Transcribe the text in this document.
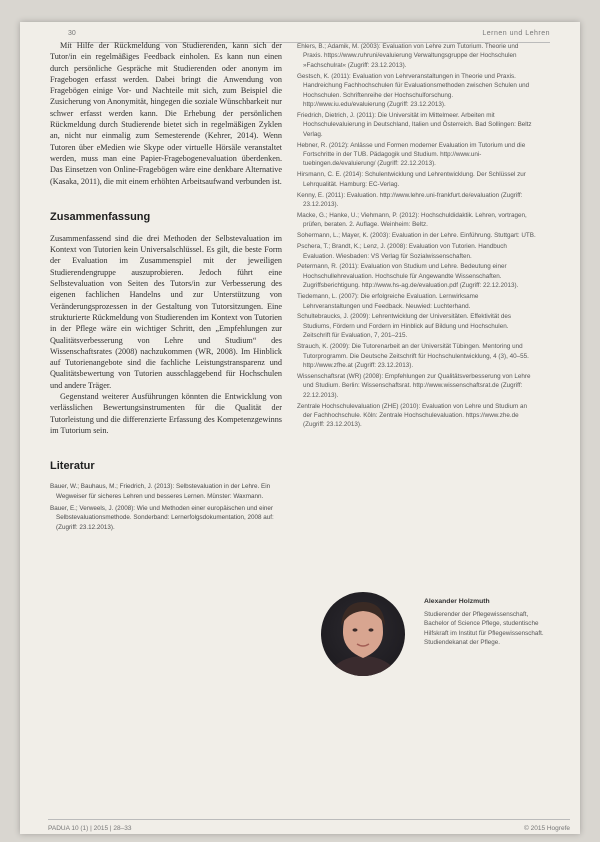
30	Lernen und Lehren

Mit Hilfe der Rückmeldung von Studierenden, kann sich der Tutor/in ein regelmäßiges Feedback einholen. Es kann nun einen durch persönliche Gespräche mit Studierenden oder anonym im Fragebogen erfasst werden. Dabei bringt die Anwendung von Fragebögen einige Vor- und Nachteile mit sich, zum Beispiel die Zusicherung von Anonymität, hingegen die soziale Wünschbarkeit nur schwer erfasst werden kann. Die Erhebung der persönlichen Rückmeldung durch Studierende bietet sich in regelmäßigen Zyklen an, nicht nur einmalig zum Semesterende (Kehrer, 2014). Wenn Tutoren über eMedien wie Skype oder virtuelle Hörsäle veranstaltet werden, muss man eine Papier-Fragebogenevaluation überdenken. Das Einsetzen von Online-Fragebögen wäre eine denkbare Alternative (Kasaka, 2011), die mit einem erhöhten Arbeitsaufwand verbunden ist.

Zusammenfassung

Zusammenfassend sind die drei Methoden der Selbstevaluation im Kontext von Tutorien kein Universalschlüssel. Es gilt, die beste Form der Evaluation im Zusammenspiel mit der jeweiligen Studierendengruppe auszuprobieren. Jedoch führt eine Selbstevaluation von Seiten des Tutors/in zur Verbesserung des eigenen fachlichen Handelns und zur Unterstützung von Veränderungsprozessen in der Gestaltung von Tutorsitzungen. Eine strukturierte Rückmeldung von Studierenden im Kontext von Tutorien in der Pflege wäre ein wichtiger Schritt, den „Empfehlungen zur Qualitätsverbesserung von Lehre und Studium“ des Wissenschaftsrates (2008) nachzukommen (WR, 2008). Im Hinblick auf Tutorienangebote sind die fachliche Leistungstransparenz und Qualitätsbewertung von Tutorien ausschlaggebend für Hochschulen und andere Träger.

Gegenstand weiterer Ausführungen könnten die Entwicklung von verlässlichen Bewertungsinstrumenten für die Qualität der Tutorleistung und die differenzierte Erfassung des Kompetenzgewinns im Tutorium sein.

Literatur

Bauer, W.; Bauhaus, M.; Friedrich, J. (2013): Selbstevaluation in der Lehre. Ein Wegweiser für sicheres Lehren und besseres Lernen. Münster: Waxmann.

Bauer, E.; Verweels, J. (2008): Wie und Methoden einer europäischen und einer Selbstevaluationsmethode. Sonderband: Lernerfolgsdokumentation, 2008 auf: (Zugriff: 23.12.2013).

Ehlers, B.; Adamik, M. (2003): Evaluation von Lehre zum Tutorium. Theorie und Praxis. https://www.ruhruni/evaluierung Verwaltungsgruppe der Hochschulen »Fachschulrat« (Zugriff: 23.12.2013).

Gestsch, K. (2011): Evaluation von Lehrveranstaltungen in Theorie und Praxis. Handreichung Fachhochschulen für Evaluationsmethoden zwischen Schulen und Hochschulen. Schriftenreihe der Hochschulforschung. http://www.iu.edu/evaluierung (Zugriff: 23.12.2013).

Friedrich, Dietrich, J. (2011): Die Universität im Mittelmeer. Arbeiten mit Hochschulevaluierung in Deutschland, Italien und Österreich. Bad Sollingen: Beltz Verlag.

Hebner, R. (2012): Anlässe und Formen moderner Evaluation im Tutorium und die Fortschritte in der TUB. Pädagogik und Studium. http://www.uni-tuebingen.de/evaluierung/ (Zugriff: 22.12.2013).

Hirsmann, C. E. (2014): Schulentwicklung und Lehrentwicklung. Der Schlüssel zur Lehrqualität. Hamburg: EC-Verlag.

Kenny, E. (2011): Evaluation. http://www.lehre.uni-frankfurt.de/evaluation (Zugriff: 23.12.2013).

Macke, G.; Hanke, U.; Viehmann, P. (2012): Hochschuldidaktik. Lehren, vortragen, prüfen, beraten. 2. Auflage. Weinheim: Beltz.

Sohermann, L.; Mayer, K. (2003): Evaluation in der Lehre. Einführung. Stuttgart: UTB.

Pschera, T.; Brandt, K.; Lenz, J. (2008): Evaluation von Tutorien. Handbuch Evaluation. Wiesbaden: VS Verlag für Sozialwissenschaften.

Petermann, R. (2011): Evaluation von Studium und Lehre. Bedeutung einer Hochschullehrevaluation. Hochschule für Angewandte Wissenschaften. Zugriffsberichtigung. http://www.hs-ag.de/evaluation.pdf (Zugriff: 22.12.2013).

Tiedemann, L. (2007): Die erfolgreiche Evaluation. Lernwirksame Lehrveranstaltungen und Feedback. Neuwied: Luchterhand.

Schultebraucks, J. (2009): Lehrentwicklung der Universitäten. Effektivität des Studiums, Fördern und Fordern im Hinblick auf Bildung und Hochschulen. Zeitschrift für Evaluation, 7, 201–215.

Strauch, K. (2009): Die Tutorenarbeit an der Universität Tübingen. Mentoring und Tutorprogramm. Die Deutsche Zeitschrift für Hochschulentwicklung, 4 (3), 40–55. http://www.zfhe.at (Zugriff: 23.12.2013).

Wissenschaftsrat (WR) (2008): Empfehlungen zur Qualitätsverbesserung von Lehre und Studium. Berlin: Wissenschaftsrat. http://www.wissenschaftsrat.de (Zugriff: 22.12.2013).

Zentrale Hochschulevaluation (ZHE) (2010): Evaluation von Lehre und Studium an der Fachhochschule. Köln: Zentrale Hochschulevaluation. https://www.zhe.de (Zugriff: 23.12.2013).

Alexander Holzmuth
Studierender der Pflegewissenschaft, Bachelor of Science Pflege, studentische Hilfskraft im Institut für Pflegewissenschaft. Studiendekanat der Pflege.
PADUA 10 (1) | 2015 | 28–33	© 2015 Hogrefe
